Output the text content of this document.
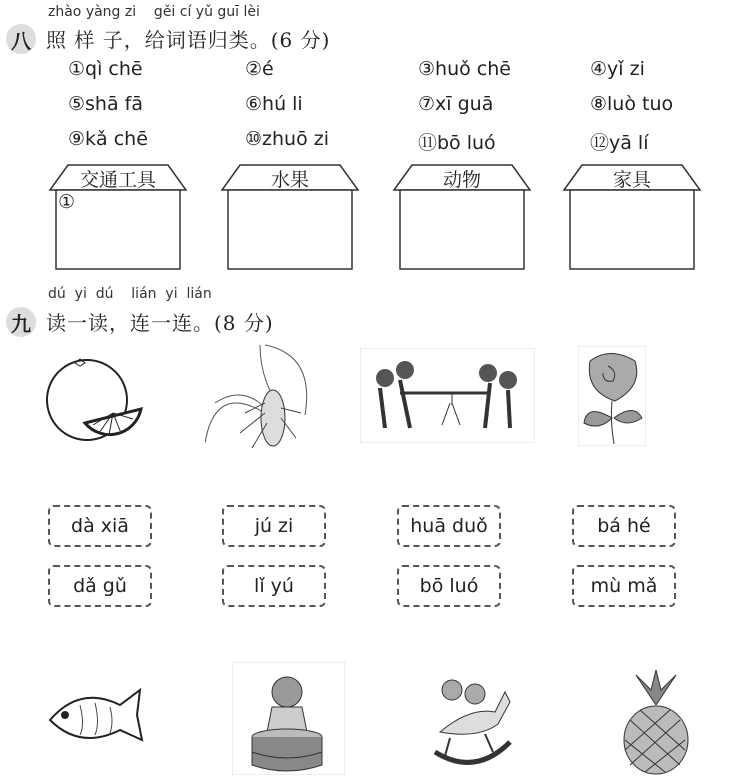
zhào yàng zi    gěi cí yǔ guī lèi
八 照 样 子，给词语归类。(6 分)
①qì chē	②é	③huǒ chē	④yǐ zi
⑤shā fā	⑥hú li	⑦xī guā	⑧luò tuo
⑨kǎ chē	⑩zhuō zi	⑪bō luó	⑫yā lí
交通工具
①
水果	动物	家具
dú  yi  dú    lián  yi  lián
九 读一读，连一连。(8 分)
dà xiā	jú zi	huā duǒ	bá hé
dǎ gǔ	lǐ yú	bō luó	mù mǎ
